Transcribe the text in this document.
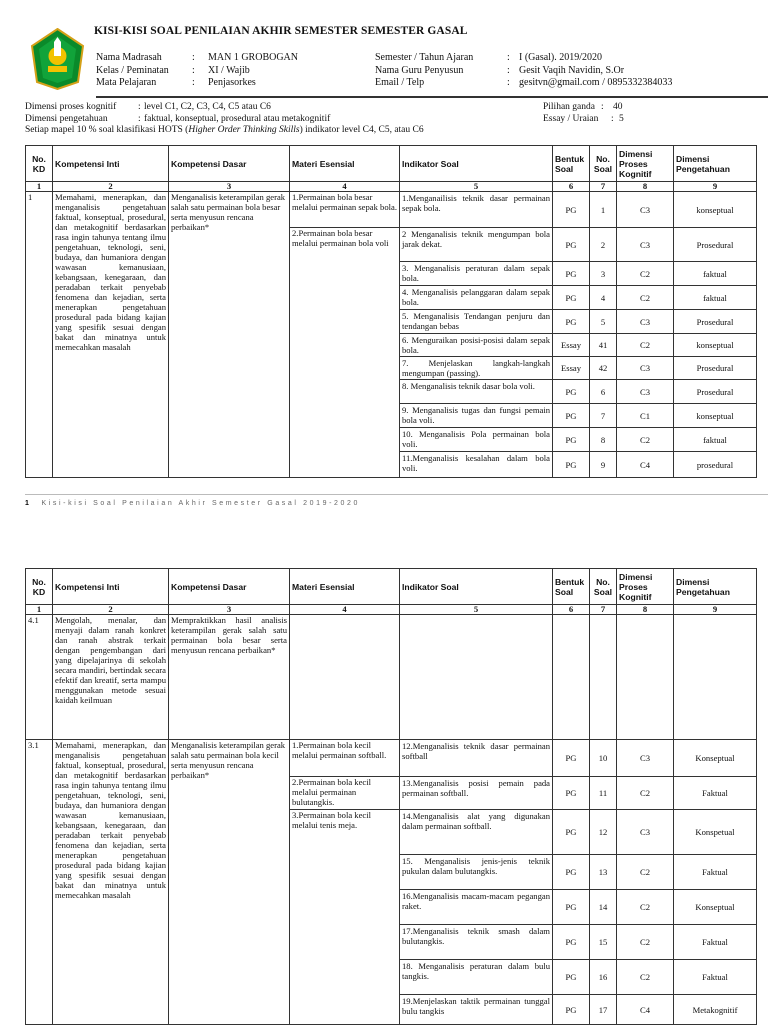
KISI-KISI SOAL PENILAIAN AKHIR SEMESTER SEMESTER GASAL
Nama Madrasah	:	MAN 1 GROBOGAN
Kelas / Peminatan	:	XI / Wajib
Mata Pelajaran	:	Penjasorkes
Semester / Tahun Ajaran	: I (Gasal). 2019/2020
Nama Guru Penyusun	: Gesit Vaqih Navidin, S.Or
Email / Telp	: gesitvn@gmail.com / 0895332384033
Dimensi proses kognitif	: level C1, C2, C3, C4, C5 atau C6
Dimensi pengetahuan	: faktual, konseptual, prosedural atau metakognitif
Setiap mapel 10 % soal klasifikasi HOTS (Higher Order Thinking Skills) indikator level C4, C5, atau C6
Pilihan ganda : 40
Essay / Uraian	: 5
No. KD	Kompetensi Inti	Kompetensi Dasar	Materi Esensial	Indikator Soal	Bentuk Soal	No. Soal	Dimensi Proses Kognitif	Dimensi Pengetahuan
1	2	3	4	5	6	7	8	9
1	Memahami, menerapkan, dan menganalisis pengetahuan faktual, konseptual, prosedural, dan metakognitif berdasarkan rasa ingin tahunya tentang ilmu pengetahuan, teknologi, seni, budaya, dan humaniora dengan wawasan kemanusiaan, kebangsaan, kenegaraan, dan peradaban terkait penyebab fenomena dan kejadian, serta menerapkan pengetahuan prosedural pada bidang kajian yang spesifik sesuai dengan bakat dan minatnya untuk memecahkan masalah	Menganalisis keterampilan gerak salah satu permainan bola besar serta menyusun rencana perbaikan*	1.Permainan bola besar melalui permainan sepak bola.	1.Menganailisis teknik dasar permainan sepak bola.	PG	1	C3	konseptual
			2.Permainan bola besar melalui permainan bola voli	2 Menganalisis teknik mengumpan bola jarak dekat.	PG	2	C3	Prosedural
				3. Menganalisis peraturan dalam sepak bola.	PG	3	C2	faktual
				4. Menganalisis pelanggaran dalam sepak bola.	PG	4	C2	faktual
				5. Menganalisis Tendangan penjuru dan tendangan bebas	PG	5	C3	Prosedural
				6. Menguraikan posisi-posisi dalam sepak bola.	Essay	41	C2	konseptual
				7. Menjelaskan langkah-langkah mengumpan (passing).	Essay	42	C3	Prosedural
				8. Menganalisis teknik dasar bola voli.	PG	6	C3	Prosedural
				9. Menganalisis tugas dan fungsi pemain bola voli.	PG	7	C1	konseptual
				10. Menganalisis Pola permainan bola voli.	PG	8	C2	faktual
				11.Menganalisis kesalahan dalam bola voli.	PG	9	C4	prosedural
1 Kisi-kisi Soal Penilaian Akhir Semester Gasal 2019-2020
No. KD	Kompetensi Inti	Kompetensi Dasar	Materi Esensial	Indikator Soal	Bentuk Soal	No. Soal	Dimensi Proses Kognitif	Dimensi Pengetahuan
1	2	3	4	5	6	7	8	9
4.1	Mengolah, menalar, dan menyaji dalam ranah konkret dan ranah abstrak terkait dengan pengembangan dari yang dipelajarinya di sekolah secara mandiri, bertindak secara efektif dan kreatif, serta mampu menggunakan metode sesuai kaidah keilmuan	Mempraktikkan hasil analisis keterampilan gerak salah satu permainan bola besar serta menyusun rencana perbaikan*						
3.1	Memahami, menerapkan, dan menganalisis pengetahuan faktual, konseptual, prosedural, dan metakognitif berdasarkan rasa ingin tahunya tentang ilmu pengetahuan, teknologi, seni, budaya, dan humaniora dengan wawasan kemanusiaan, kebangsaan, kenegaraan, dan peradaban terkait penyebab fenomena dan kejadian, serta menerapkan pengetahuan prosedural pada bidang kajian yang spesifik sesuai dengan bakat dan minatnya untuk memecahkan masalah	Menganalisis keterampilan gerak salah satu permainan bola kecil serta menyusun rencana perbaikan*	1.Permainan bola kecil melalui permainan softball.	12.Menganalisis teknik dasar permainan softball	PG	10	C3	Konseptual
			2.Permainan bola kecil melalui permainan bulutangkis.	13.Menganalisis posisi pemain pada permainan softball.	PG	11	C2	Faktual
			3.Permainan bola kecil melalui tenis meja.	14.Menganalisis alat yang digunakan dalam permainan softball.	PG	12	C3	Konspetual
				15. Menganalisis jenis-jenis teknik pukulan dalam bulutangkis.	PG	13	C2	Faktual
				16.Menganalisis macam-macam pegangan raket.	PG	14	C2	Konseptual
				17.Menganalisis teknik smash dalam bulutangkis.	PG	15	C2	Faktual
				18. Menganalisis peraturan dalam bulu tangkis.	PG	16	C2	Faktual
				19.Menjelaskan taktik permainan tunggal bulu tangkis	PG	17	C4	Metakognitif
